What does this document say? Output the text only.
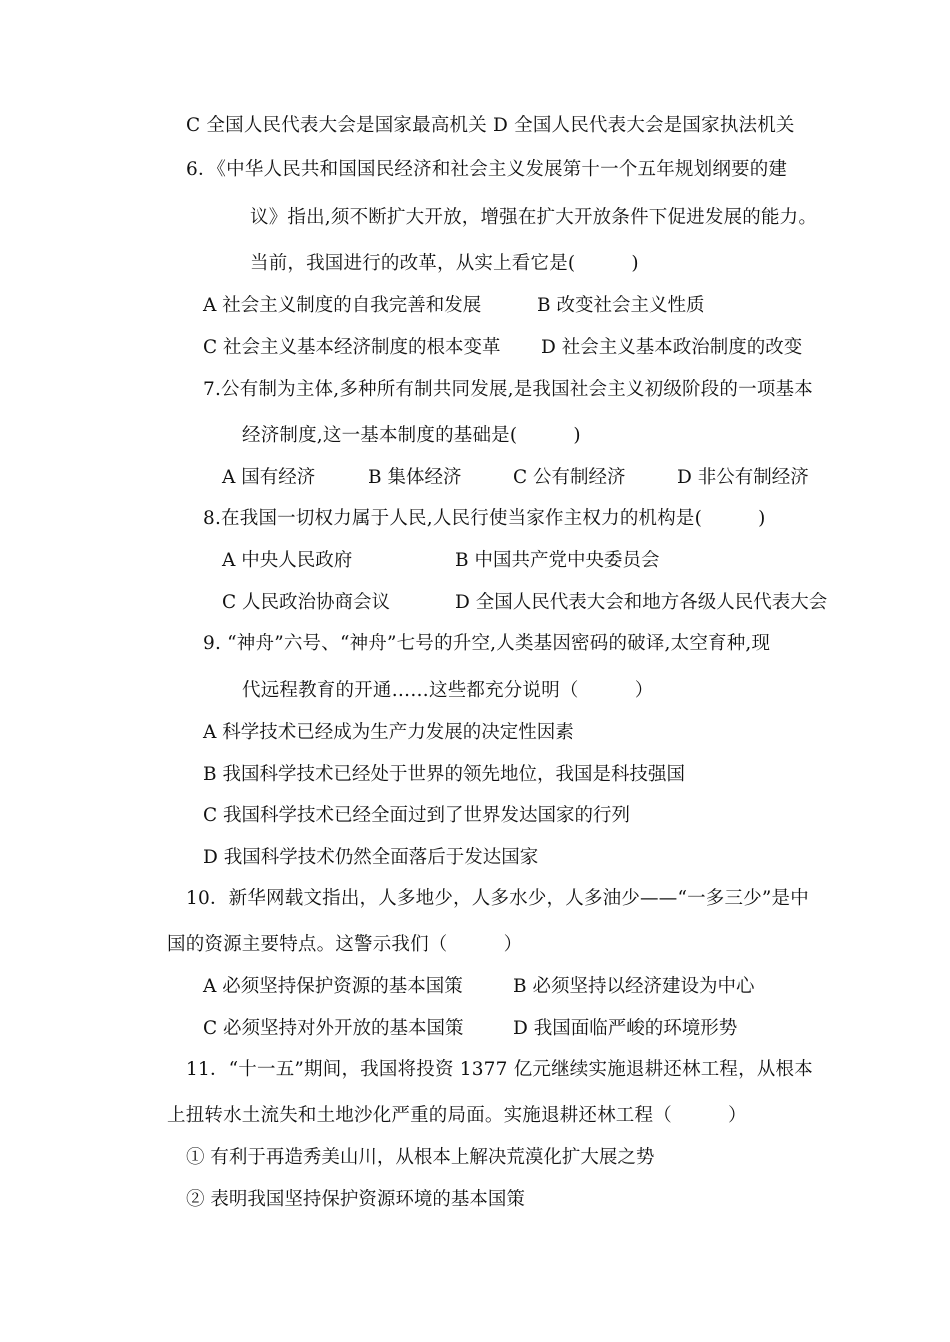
C 全国人民代表大会是国家最高机关 D 全国人民代表大会是国家执法机关
6．《中华人民共和国国民经济和社会主义发展第十一个五年规划纲要的建
议》指出,须不断扩大开放，增强在扩大开放条件下促进发展的能力。
当前，我国进行的改革，从实上看它是(　　　)
A 社会主义制度的自我完善和发展	B 改变社会主义性质
C 社会主义基本经济制度的根本变革 D 社会主义基本政治制度的改变
7.公有制为主体,多种所有制共同发展,是我国社会主义初级阶段的一项基本
经济制度,这一基本制度的基础是(　　　)
A 国有经济	B 集体经济	C 公有制经济	D 非公有制经济
8.在我国一切权力属于人民,人民行使当家作主权力的机构是(　　　)
A 中央人民政府	B 中国共产党中央委员会
C 人民政治协商会议	D 全国人民代表大会和地方各级人民代表大会
9. “神舟”六号、“神舟”七号的升空,人类基因密码的破译,太空育种,现
代远程教育的开通……这些都充分说明（　　　）
A 科学技术已经成为生产力发展的决定性因素
B 我国科学技术已经处于世界的领先地位，我国是科技强国
C 我国科学技术已经全面过到了世界发达国家的行列
D 我国科学技术仍然全面落后于发达国家
10．新华网载文指出，人多地少，人多水少，人多油少——“一多三少”是中
国的资源主要特点。这警示我们（　　　）
A 必须坚持保护资源的基本国策	B 必须坚持以经济建设为中心
C 必须坚持对外开放的基本国策	D 我国面临严峻的环境形势
11．“十一五”期间，我国将投资 1377 亿元继续实施退耕还林工程，从根本
上扭转水土流失和土地沙化严重的局面。实施退耕还林工程（　　　）
① 有利于再造秀美山川，从根本上解决荒漠化扩大展之势
② 表明我国坚持保护资源环境的基本国策
